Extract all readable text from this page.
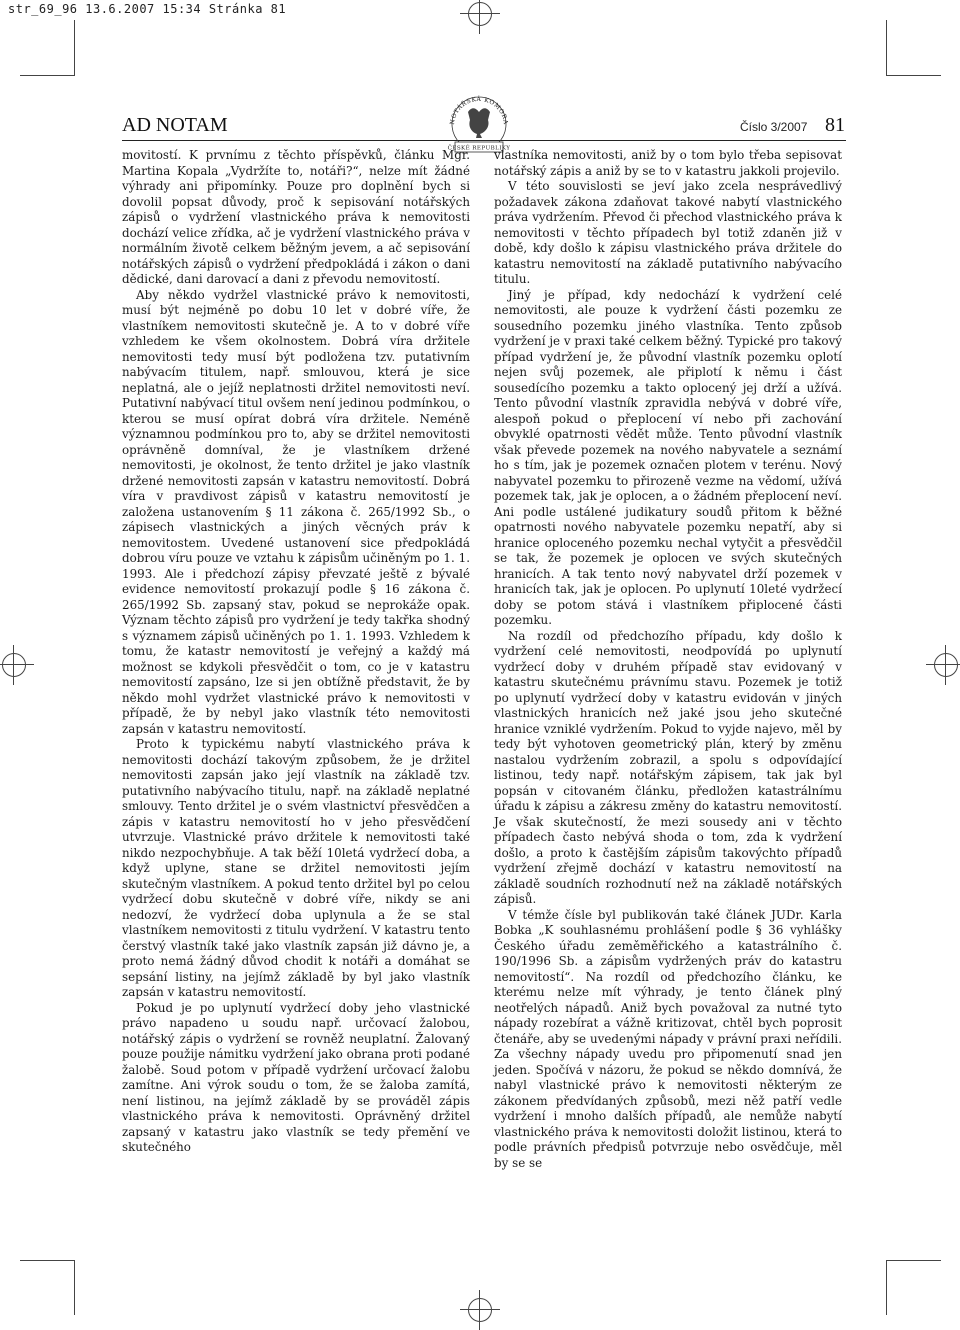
str_69_96 13.6.2007 15:34 Stránka 81
AD NOTAM	Číslo 3/2007 81
NOTÁŘSKÁ KOMORA
ČESKÉ REPUBLIKY

movitostí. K prvnímu z těchto příspěvků, článku Mgr. Martina Kopala „Vydržíte to, notáři?“, nelze mít žádné výhrady ani připomínky. Pouze pro doplnění bych si dovolil popsat důvody, proč k sepisování notářských zápisů o vydržení vlastnického práva k nemovitosti dochází velice zřídka, ač je vydržení vlastnického práva v normálním životě celkem běžným jevem, a ač sepisování notářských zápisů o vydržení předpokládá i zákon o dani dědické, dani darovací a dani z převodu nemovitostí.

Aby někdo vydržel vlastnické právo k nemovitosti, musí být nejméně po dobu 10 let v dobré víře, že vlastníkem nemovitosti skutečně je. A to v dobré víře vzhledem ke všem okolnostem. Dobrá víra držitele nemovitosti tedy musí být podložena tzv. putativním nabývacím titulem, např. smlouvou, která je sice neplatná, ale o jejíž neplatnosti držitel nemovitosti neví. Putativní nabývací titul ovšem není jedinou podmínkou, o kterou se musí opírat dobrá víra držitele. Neméně významnou podmínkou pro to, aby se držitel nemovitosti oprávněně domníval, že je vlastníkem držené nemovitosti, je okolnost, že tento držitel je jako vlastník držené nemovitosti zapsán v katastru nemovitostí. Dobrá víra v pravdivost zápisů v katastru nemovitostí je založena ustanovením § 11 zákona č. 265/1992 Sb., o zápisech vlastnických a jiných věcných práv k nemovitostem. Uvedené ustanovení sice předpokládá dobrou víru pouze ve vztahu k zápisům učiněným po 1. 1. 1993. Ale i předchozí zápisy převzaté ještě z bývalé evidence nemovitostí prokazují podle § 16 zákona č. 265/1992 Sb. zapsaný stav, pokud se neprokáže opak. Význam těchto zápisů pro vydržení je tedy takřka shodný s významem zápisů učiněných po 1. 1. 1993. Vzhledem k tomu, že katastr nemovitostí je veřejný a každý má možnost se kdykoli přesvědčit o tom, co je v katastru nemovitostí zapsáno, lze si jen obtížně představit, že by někdo mohl vydržet vlastnické právo k nemovitosti v případě, že by nebyl jako vlastník této nemovitosti zapsán v katastru nemovitostí.

Proto k typickému nabytí vlastnického práva k nemovitosti dochází takovým způsobem, že je držitel nemovitosti zapsán jako její vlastník na základě tzv. putativního nabývacího titulu, např. na základě neplatné smlouvy. Tento držitel je o svém vlastnictví přesvědčen a zápis v katastru nemovitostí ho v jeho přesvědčení utvrzuje. Vlastnické právo držitele k nemovitosti také nikdo nezpochybňuje. A tak běží 10letá vydržecí doba, a když uplyne, stane se držitel nemovitosti jejím skutečným vlastníkem. A pokud tento držitel byl po celou vydržecí dobu skutečně v dobré víře, nikdy se ani nedozví, že vydržecí doba uplynula a že se stal vlastníkem nemovitosti z titulu vydržení. V katastru tento čerstvý vlastník také jako vlastník zapsán již dávno je, a proto nemá žádný důvod chodit k notáři a domáhat se sepsání listiny, na jejímž základě by byl jako vlastník zapsán v katastru nemovitostí.

Pokud je po uplynutí vydržecí doby jeho vlastnické právo napadeno u soudu např. určovací žalobou, notářský zápis o vydržení se rovněž neuplatní. Žalovaný pouze použije námitku vydržení jako obrana proti podané žalobě. Soud potom v případě vydržení určovací žalobu zamítne. Ani výrok soudu o tom, že se žaloba zamítá, není listinou, na jejímž základě by se prováděl zápis vlastnického práva k nemovitosti. Oprávněný držitel zapsaný v katastru jako vlastník se tedy přemění ve skutečného

vlastníka nemovitosti, aniž by o tom bylo třeba sepisovat notářský zápis a aniž by se to v katastru jakkoli projevilo.

V této souvislosti se jeví jako zcela nesprávedlivý požadavek zákona zdaňovat takové nabytí vlastnického práva vydržením. Převod či přechod vlastnického práva k nemovitosti v těchto případech byl totiž zdaněn již v době, kdy došlo k zápisu vlastnického práva držitele do katastru nemovitostí na základě putativního nabývacího titulu.

Jiný je případ, kdy nedochází k vydržení celé nemovitosti, ale pouze k vydržení části pozemku ze sousedního pozemku jiného vlastníka. Tento způsob vydržení je v praxi také celkem běžný. Typické pro takový případ vydržení je, že původní vlastník pozemku oplotí nejen svůj pozemek, ale připlotí k němu i část sousedícího pozemku a takto oplocený jej drží a užívá. Tento původní vlastník zpravidla nebývá v dobré víře, alespoň pokud o přeplocení ví nebo při zachování obvyklé opatrnosti vědět může. Tento původní vlastník však převede pozemek na nového nabyvatele a seznámí ho s tím, jak je pozemek označen plotem v terénu. Nový nabyvatel pozemku to přirozeně vezme na vědomí, užívá pozemek tak, jak je oplocen, a o žádném přeplocení neví. Ani podle ustálené judikatury soudů přitom k běžné opatrnosti nového nabyvatele pozemku nepatří, aby si hranice oploceného pozemku nechal vytyčit a přesvědčil se tak, že pozemek je oplocen ve svých skutečných hranicích. A tak tento nový nabyvatel drží pozemek v hranicích tak, jak je oplocen. Po uplynutí 10leté vydržecí doby se potom stává i vlastníkem připlocené části pozemku.

Na rozdíl od předchozího případu, kdy došlo k vydržení celé nemovitosti, neodpovídá po uplynutí vydržecí doby v druhém případě stav evidovaný v katastru skutečnému právnímu stavu. Pozemek je totiž po uplynutí vydržecí doby v katastru evidován v jiných vlastnických hranicích než jaké jsou jeho skutečné hranice vzniklé vydržením. Pokud to vyjde najevo, měl by tedy být vyhotoven geometrický plán, který by změnu nastalou vydržením zobrazil, a spolu s odpovídající listinou, tedy např. notářským zápisem, tak jak byl popsán v citovaném článku, předložen katastrálnímu úřadu k zápisu a zákresu změny do katastru nemovitostí. Je však skutečností, že mezi sousedy ani v těchto případech často nebývá shoda o tom, zda k vydržení došlo, a proto k častějším zápisům takovýchto případů vydržení zřejmě dochází v katastru nemovitostí na základě soudních rozhodnutí než na základě notářských zápisů.

V témže čísle byl publikován také článek JUDr. Karla Bobka „K souhlasnému prohlášení podle § 36 vyhlášky Českého úřadu zeměměřického a katastrálního č. 190/1996 Sb. a zápisům vydržených práv do katastru nemovitostí“. Na rozdíl od předchozího článku, ke kterému nelze mít výhrady, je tento článek plný neotřelých nápadů. Aniž bych považoval za nutné tyto nápady rozebírat a vážně kritizovat, chtěl bych poprosit čtenáře, aby se uvedenými nápady v právní praxi neřídili. Za všechny nápady uvedu pro připomenutí snad jen jeden. Spočívá v názoru, že pokud se někdo domnívá, že nabyl vlastnické právo k nemovitosti některým ze zákonem předvídaných způsobů, mezi něž patří vedle vydržení i mnoho dalších případů, ale nemůže nabytí vlastnického práva k nemovitosti doložit listinou, která to podle právních předpisů potvrzuje nebo osvědčuje, měl by se se
